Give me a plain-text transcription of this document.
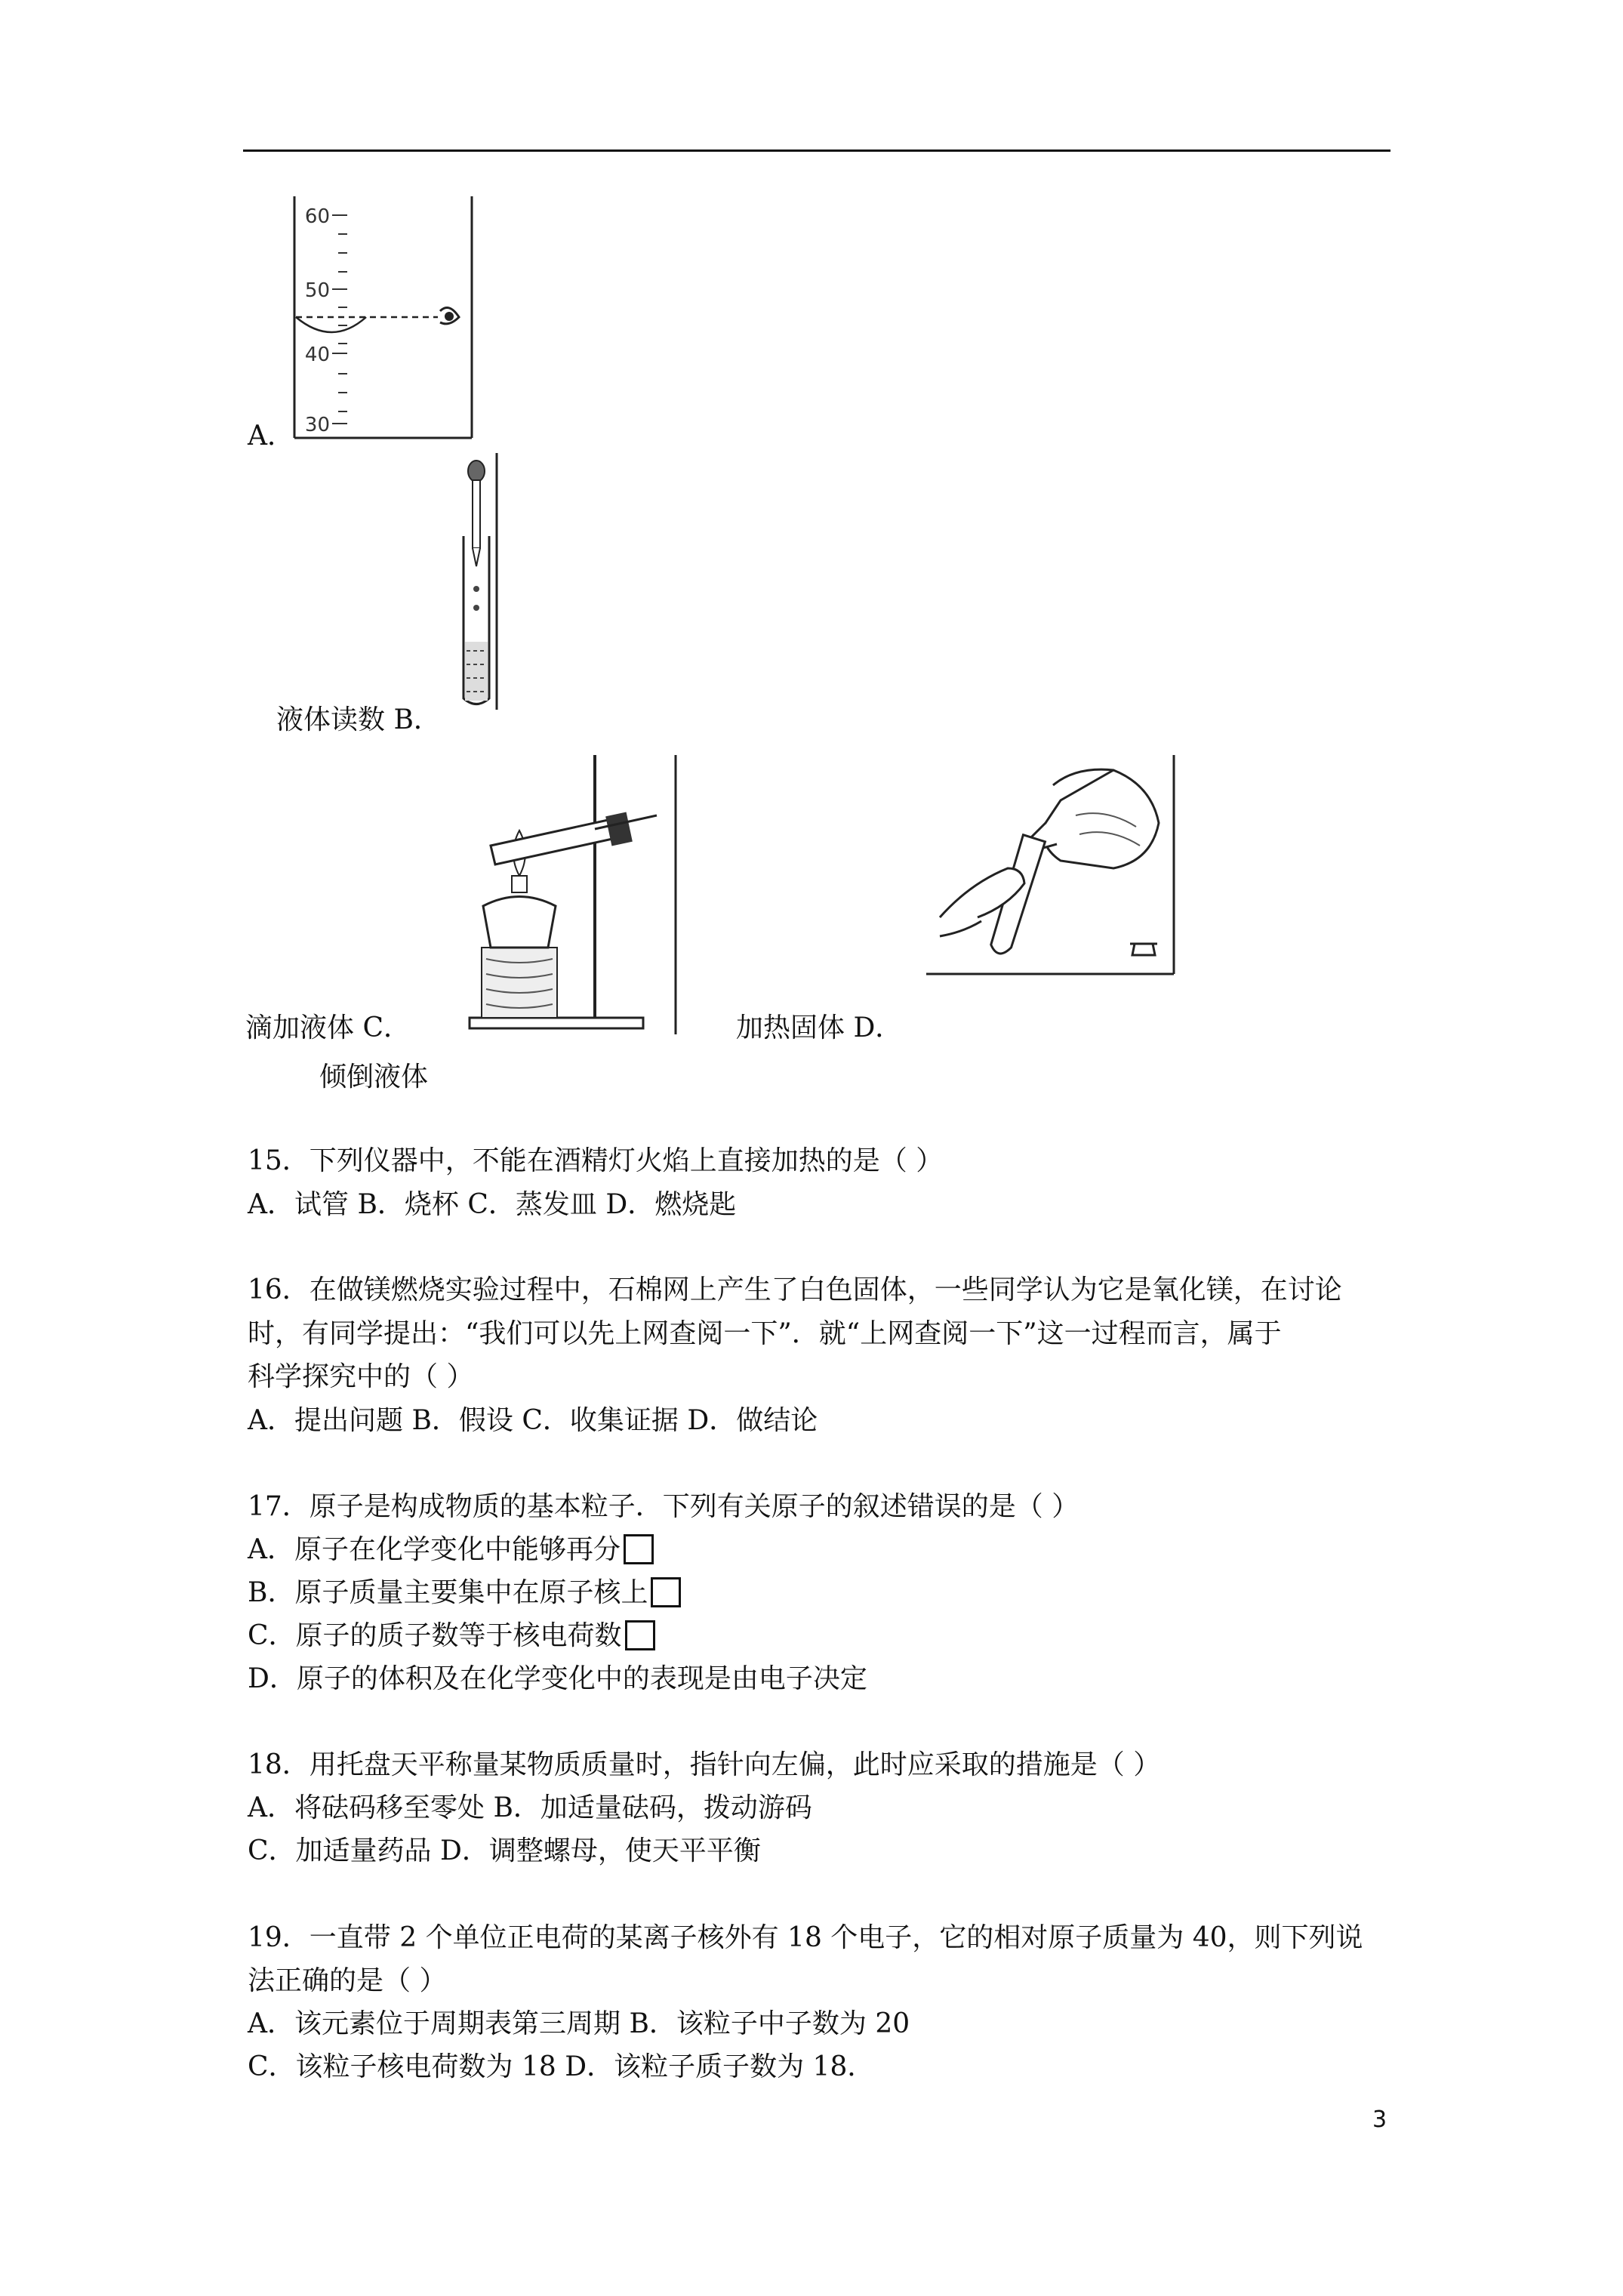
60
50
40
30
A．
液体读数 B．
滴加液体 C．	加热固体 D．
倾倒液体
15．下列仪器中，不能在酒精灯火焰上直接加热的是（ ）
A．试管 B．烧杯 C．蒸发皿 D．燃烧匙
16．在做镁燃烧实验过程中，石棉网上产生了白色固体，一些同学认为它是氧化镁，在讨论
时，有同学提出：“我们可以先上网查阅一下”．就“上网查阅一下”这一过程而言，属于
科学探究中的（ ）
A．提出问题 B．假设 C．收集证据 D．做结论
17．原子是构成物质的基本粒子．下列有关原子的叙述错误的是（ ）
A．原子在化学变化中能够再分
B．原子质量主要集中在原子核上
C．原子的质子数等于核电荷数
D．原子的体积及在化学变化中的表现是由电子决定
18．用托盘天平称量某物质质量时，指针向左偏，此时应采取的措施是（ ）
A．将砝码移至零处 B．加适量砝码，拨动游码
C．加适量药品 D．调整螺母，使天平平衡
19．一直带 2 个单位正电荷的某离子核外有 18 个电子，它的相对原子质量为 40，则下列说
法正确的是（ ）
A．该元素位于周期表第三周期 B．该粒子中子数为 20
C．该粒子核电荷数为 18 D．该粒子质子数为 18．
3
